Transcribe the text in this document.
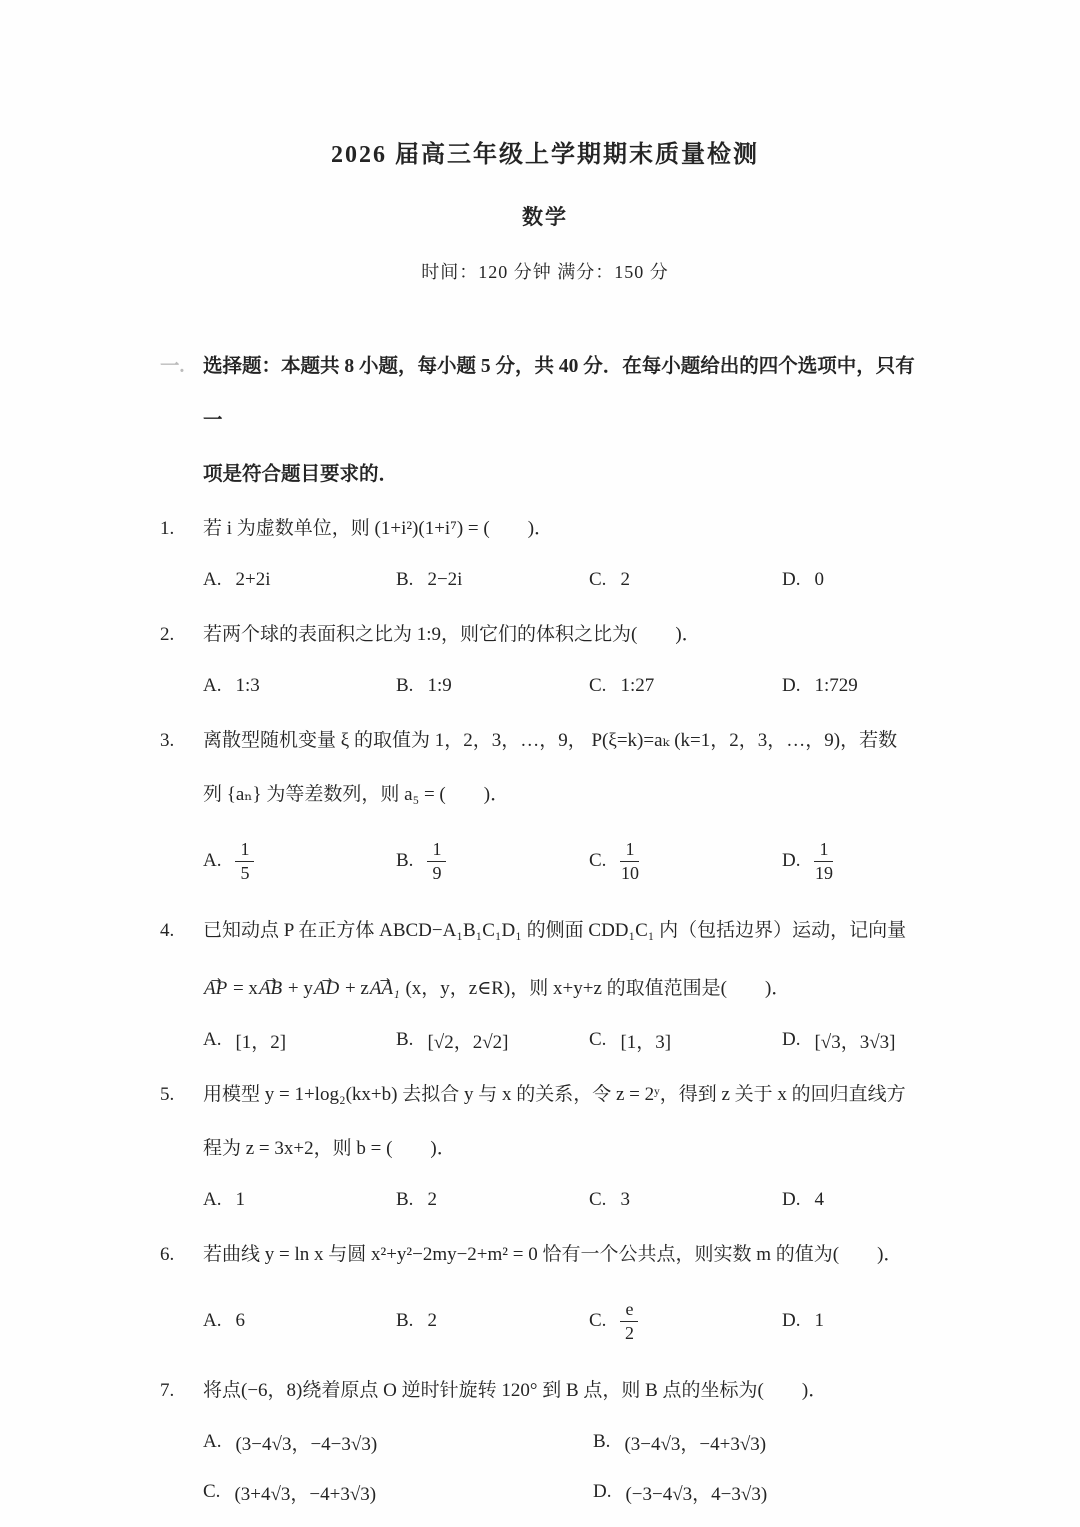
2026 届高三年级上学期期末质量检测
数学
时间：120 分钟 满分：150 分
一. 选择题：本题共 8 小题，每小题 5 分，共 40 分．在每小题给出的四个选项中，只有一
项是符合题目要求的．
1.	若 i 为虚数单位，则 (1+i²)(1+i⁷) = (　　)．
A. 2+2i	B. 2−2i	C. 2	D. 0
2.	若两个球的表面积之比为 1:9，则它们的体积之比为(　　)．
A. 1:3	B. 1:9	C. 1:27	D. 1:729
3.	离散型随机变量 ξ 的取值为 1，2，3，…，9， P(ξ=k)=aₖ (k=1，2，3，…，9)，若数
列 {aₙ} 为等差数列，则 a₅ = (　　)．
A. $\frac{1}{5}$	B. $\frac{1}{9}$	C. $\frac{1}{10}$	D. $\frac{1}{19}$
4.	已知动点 P 在正方体 ABCD−A₁B₁C₁D₁ 的侧面 CDD₁C₁ 内（包括边界）运动，记向量
AP → = xAB → + yAD → + zAA₁ → (x，y，z∈R)，则 x+y+z 的取值范围是(　　)．
A. [1，2]	B. [√2，2√2]	C. [1，3]	D. [√3，3√3]
5.	用模型 y = 1+log₂(kx+b) 去拟合 y 与 x 的关系，令 z = 2ʸ，得到 z 关于 x 的回归直线方
程为 z = 3x+2，则 b = (　　)．
A. 1	B. 2	C. 3	D. 4
6.	若曲线 y = ln x 与圆 x²+y²−2my−2+m² = 0 恰有一个公共点，则实数 m 的值为(　　)．
A. 6	B. 2	C. $\frac{e}{2}$	D. 1
7.	将点(−6，8)绕着原点 O 逆时针旋转 120° 到 B 点，则 B 点的坐标为(　　)．
A. (3−4√3，−4−3√3)	B. (3−4√3，−4+3√3)
C. (3+4√3，−4+3√3)	D. (−3−4√3，4−3√3)
